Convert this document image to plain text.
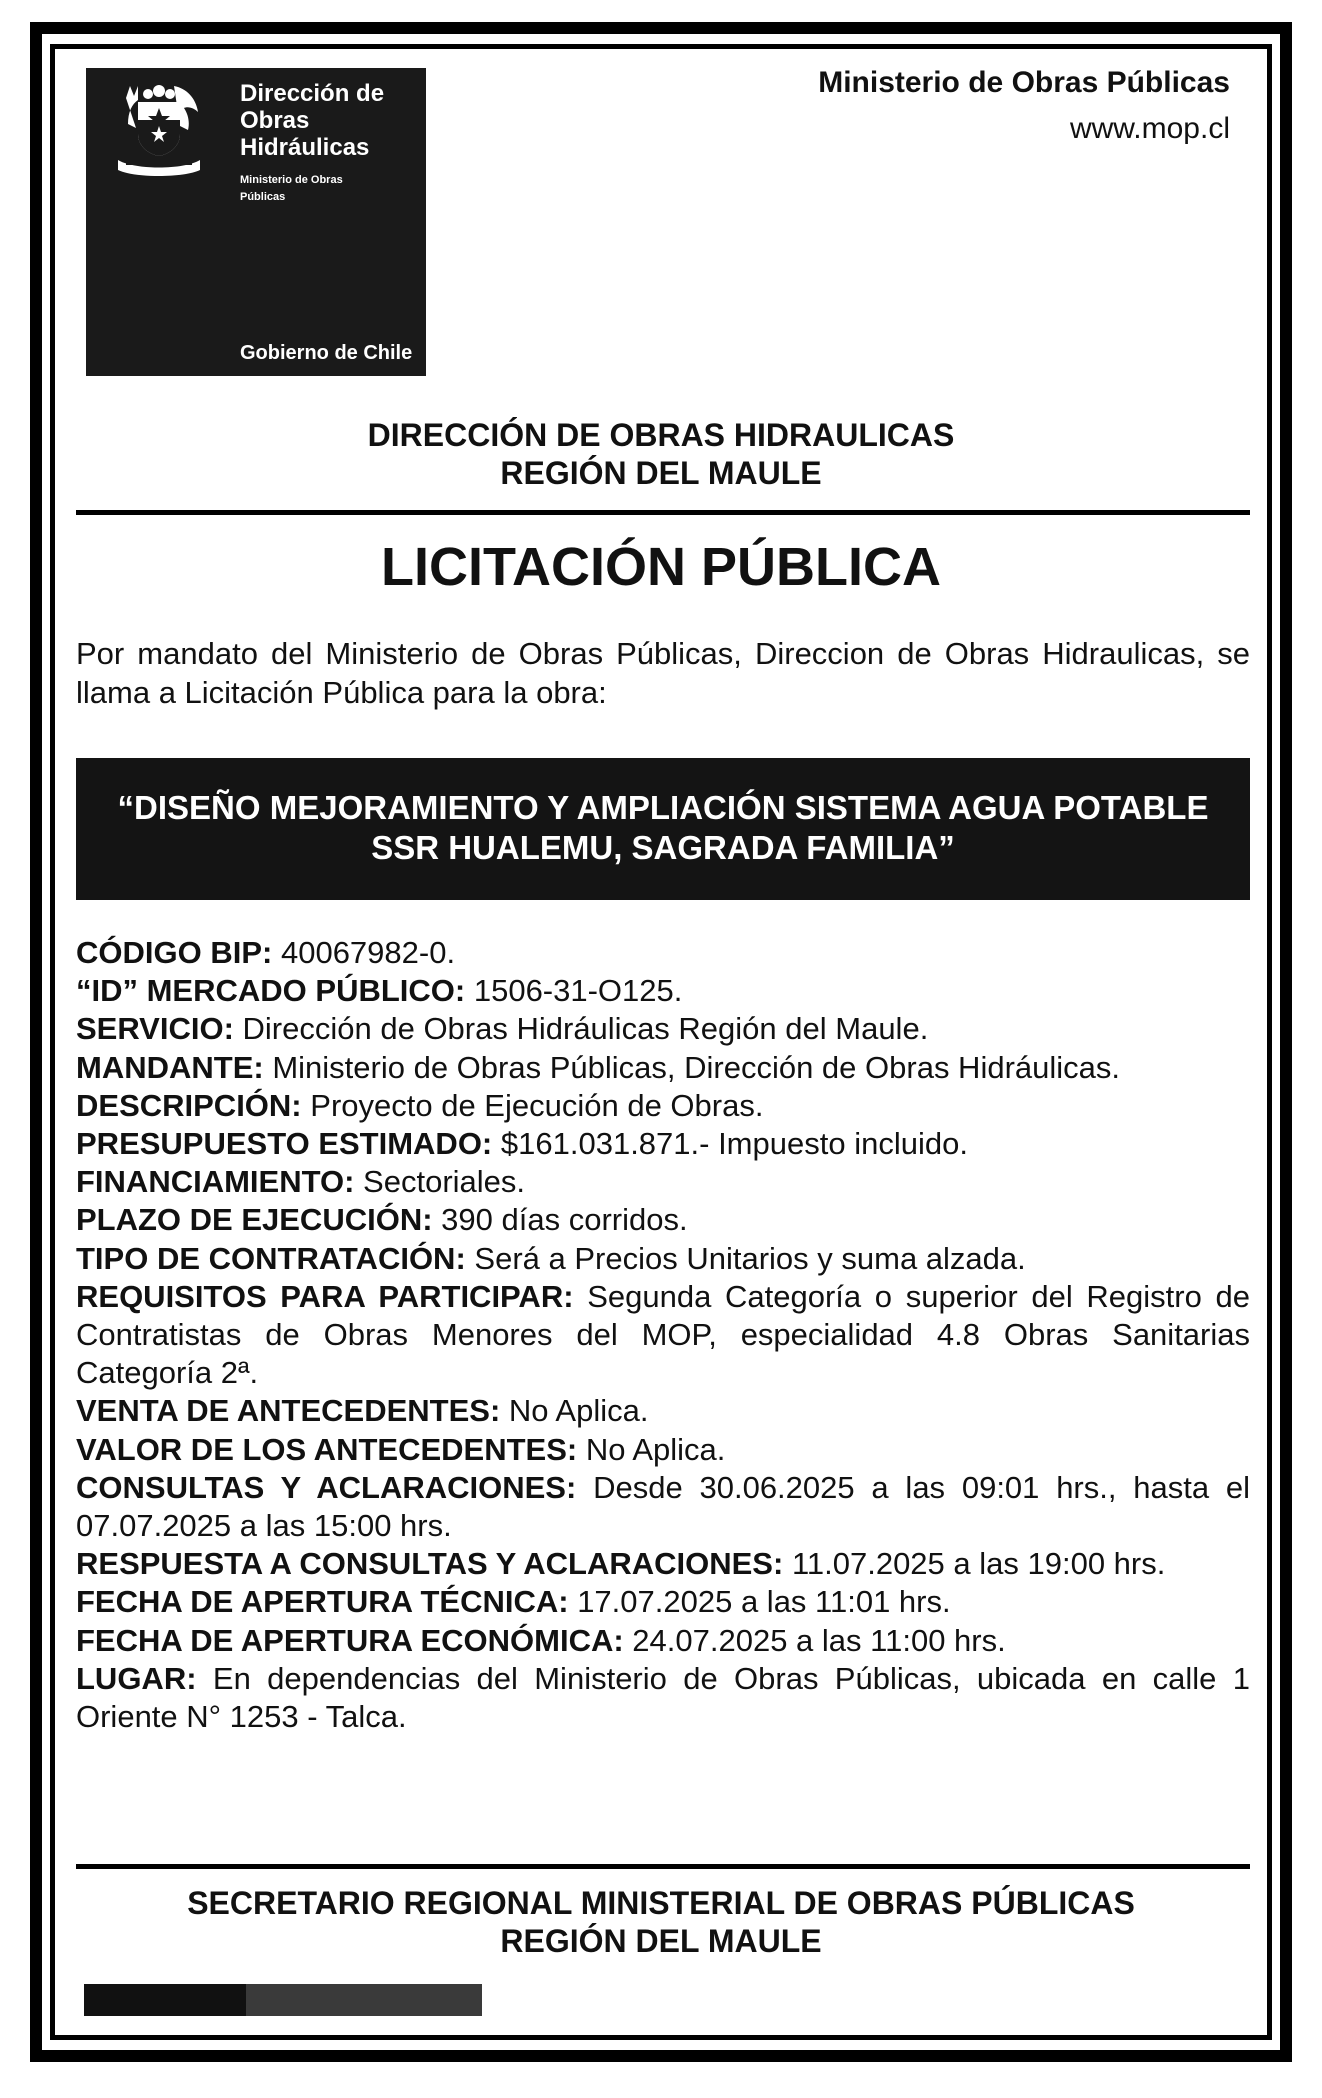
Dirección de
Obras
Hidráulicas
Ministerio de Obras
Públicas
Gobierno de Chile
Ministerio de Obras Públicas
www.mop.cl
DIRECCIÓN DE OBRAS HIDRAULICAS
REGIÓN DEL MAULE
LICITACIÓN PÚBLICA
Por mandato del Ministerio de Obras Públicas, Direccion de Obras Hidraulicas, se llama a Licitación Pública para la obra:
“DISEÑO MEJORAMIENTO Y AMPLIACIÓN SISTEMA AGUA POTABLE
SSR HUALEMU, SAGRADA FAMILIA”
CÓDIGO BIP: 40067982-0.
“ID” MERCADO PÚBLICO: 1506-31-O125.
SERVICIO: Dirección de Obras Hidráulicas Región del Maule.
MANDANTE: Ministerio de Obras Públicas, Dirección de Obras Hidráulicas.
DESCRIPCIÓN: Proyecto de Ejecución de Obras.
PRESUPUESTO ESTIMADO: $161.031.871.- Impuesto incluido.
FINANCIAMIENTO: Sectoriales.
PLAZO DE EJECUCIÓN: 390 días corridos.
TIPO DE CONTRATACIÓN: Será a Precios Unitarios y suma alzada.
REQUISITOS PARA PARTICIPAR: Segunda Categoría o superior del Registro de Contratistas de Obras Menores del MOP, especialidad 4.8 Obras Sanitarias Categoría 2ª.
VENTA DE ANTECEDENTES: No Aplica.
VALOR DE LOS ANTECEDENTES: No Aplica.
CONSULTAS Y ACLARACIONES: Desde 30.06.2025 a las 09:01 hrs., hasta el 07.07.2025 a las 15:00 hrs.
RESPUESTA A CONSULTAS Y ACLARACIONES: 11.07.2025 a las 19:00 hrs.
FECHA DE APERTURA TÉCNICA: 17.07.2025 a las 11:01 hrs.
FECHA DE APERTURA ECONÓMICA: 24.07.2025 a las 11:00 hrs.
LUGAR: En dependencias del Ministerio de Obras Públicas, ubicada en calle 1 Oriente N° 1253 - Talca.
SECRETARIO REGIONAL MINISTERIAL DE OBRAS PÚBLICAS
REGIÓN DEL MAULE
